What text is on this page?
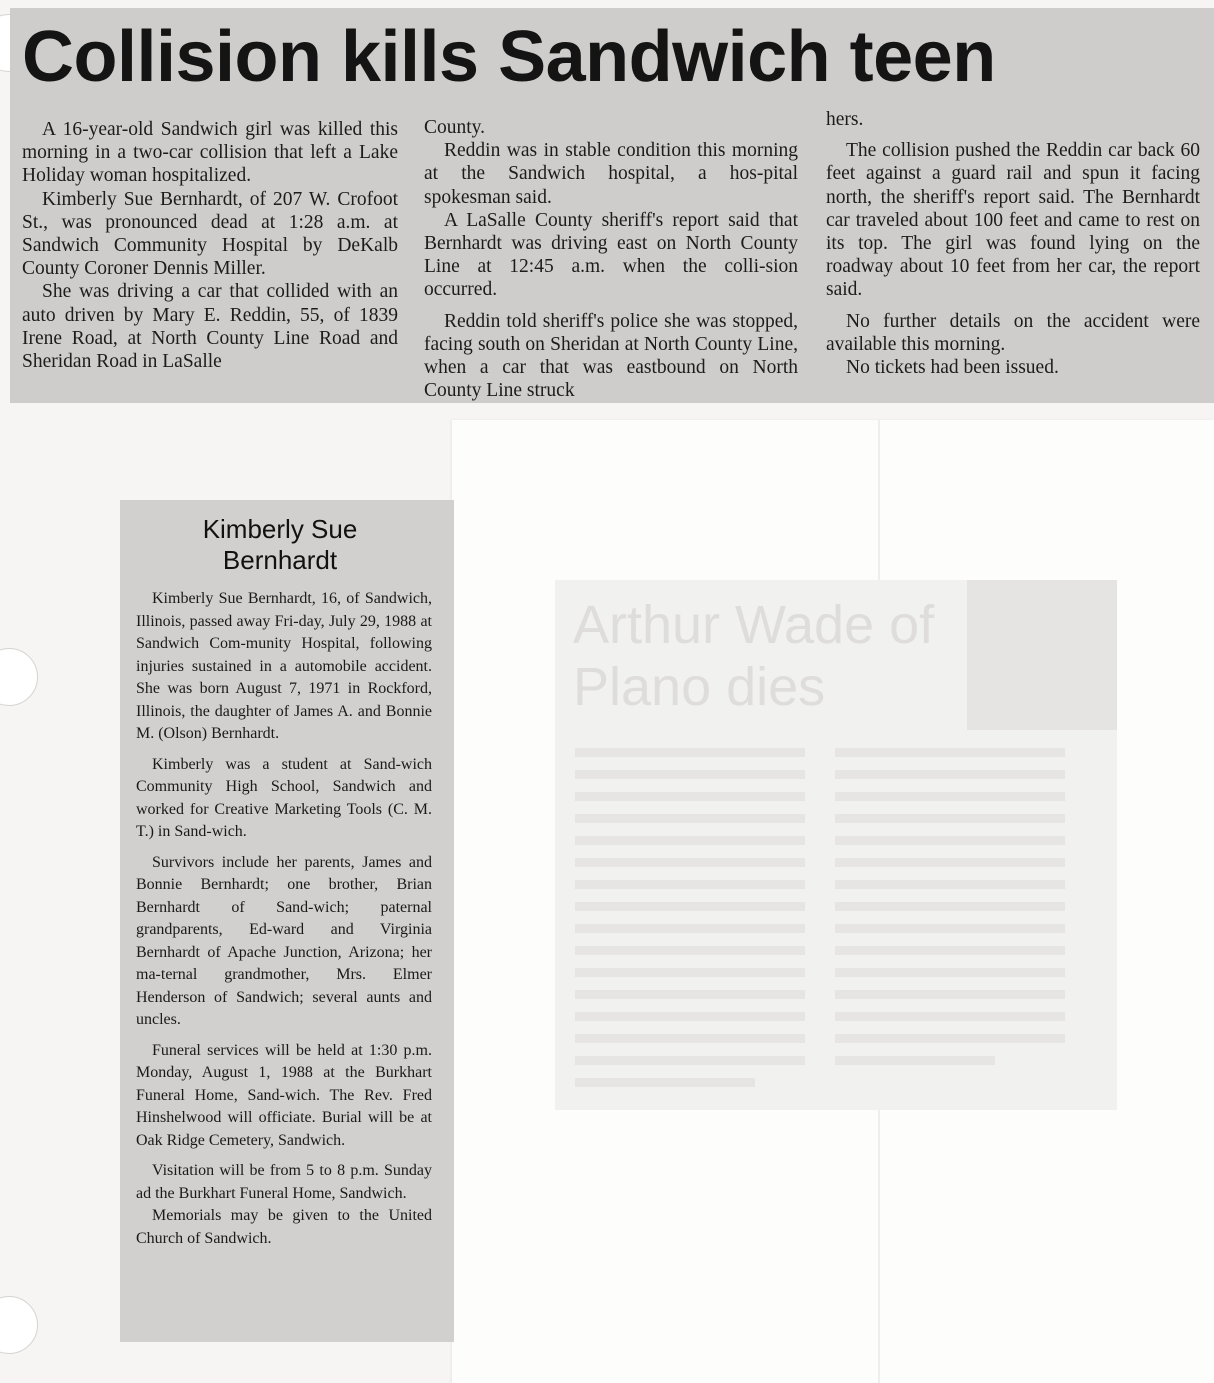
Collision kills Sandwich teen

A 16-year-old Sandwich girl was killed this morning in a two-car collision that left a Lake Holiday woman hospitalized.

Kimberly Sue Bernhardt, of 207 W. Crofoot St., was pronounced dead at 1:28 a.m. at Sandwich Community Hospital by DeKalb County Coroner Dennis Miller.

She was driving a car that collided with an auto driven by Mary E. Reddin, 55, of 1839 Irene Road, at North County Line Road and Sheridan Road in LaSalle

County.

Reddin was in stable condition this morning at the Sandwich hospital, a hos-pital spokesman said.

A LaSalle County sheriff's report said that Bernhardt was driving east on North County Line at 12:45 a.m. when the colli-sion occurred.

Reddin told sheriff's police she was stopped, facing south on Sheridan at North County Line, when a car that was eastbound on North County Line struck

hers.

The collision pushed the Reddin car back 60 feet against a guard rail and spun it facing north, the sheriff's report said. The Bernhardt car traveled about 100 feet and came to rest on its top. The girl was found lying on the roadway about 10 feet from her car, the report said.

No further details on the accident were available this morning.

No tickets had been issued.

Arthur Wade of Plano dies
Kimberly Sue
Bernhardt

Kimberly Sue Bernhardt, 16, of Sandwich, Illinois, passed away Fri-day, July 29, 1988 at Sandwich Com-munity Hospital, following injuries sustained in a automobile accident. She was born August 7, 1971 in Rockford, Illinois, the daughter of James A. and Bonnie M. (Olson) Bernhardt.

Kimberly was a student at Sand-wich Community High School, Sandwich and worked for Creative Marketing Tools (C. M. T.) in Sand-wich.

Survivors include her parents, James and Bonnie Bernhardt; one brother, Brian Bernhardt of Sand-wich; paternal grandparents, Ed-ward and Virginia Bernhardt of Apache Junction, Arizona; her ma-ternal grandmother, Mrs. Elmer Henderson of Sandwich; several aunts and uncles.

Funeral services will be held at 1:30 p.m. Monday, August 1, 1988 at the Burkhart Funeral Home, Sand-wich. The Rev. Fred Hinshelwood will officiate. Burial will be at Oak Ridge Cemetery, Sandwich.

Visitation will be from 5 to 8 p.m. Sunday ad the Burkhart Funeral Home, Sandwich.

Memorials may be given to the United Church of Sandwich.
